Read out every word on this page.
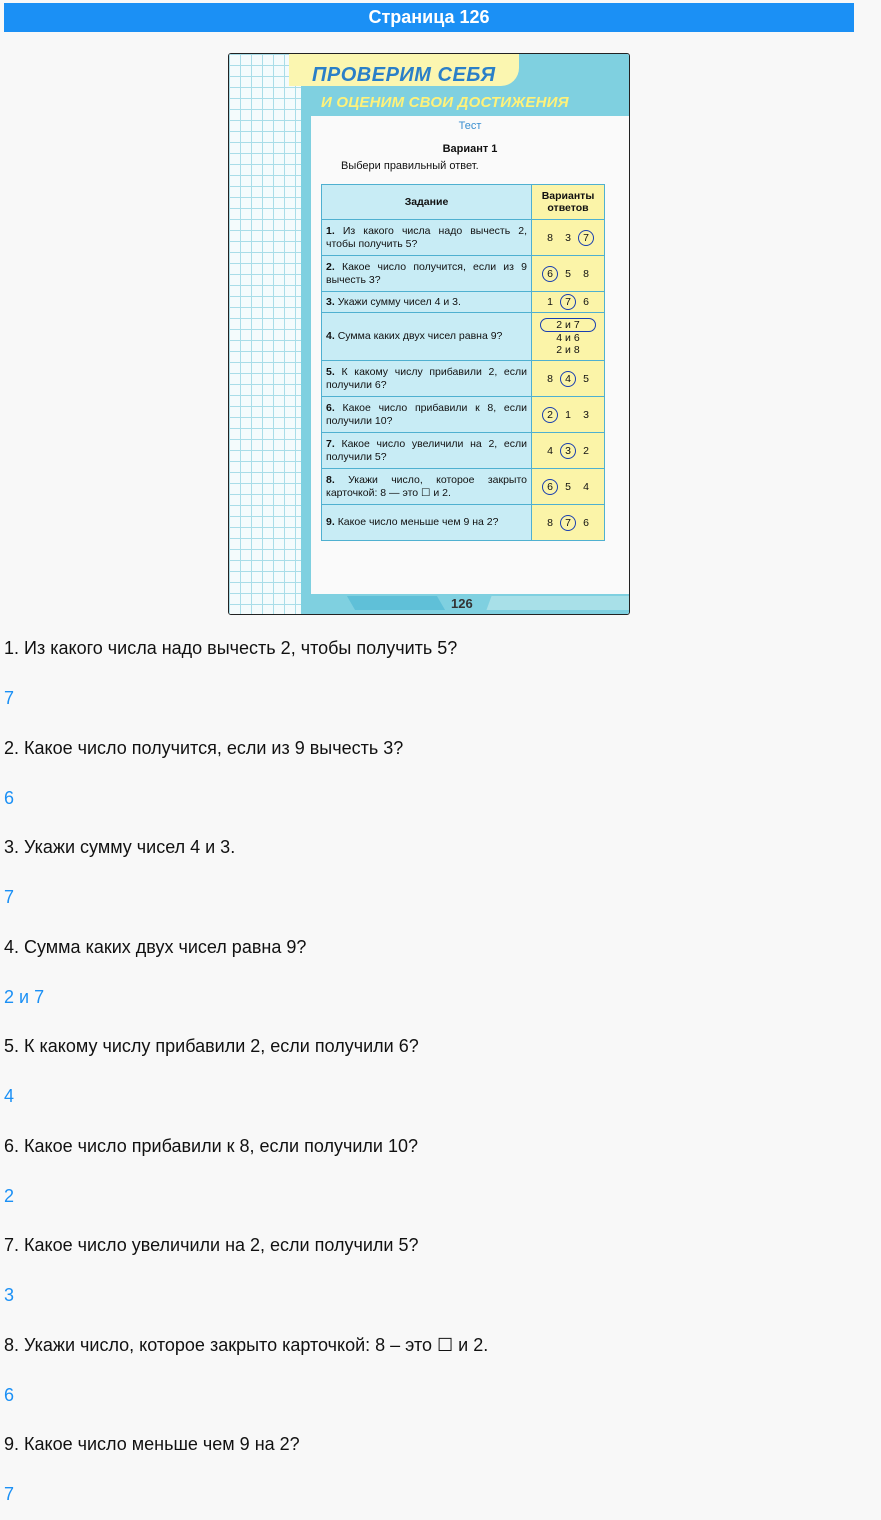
Страница 126
ПРОВЕРИМ СЕБЯ
И ОЦЕНИМ СВОИ ДОСТИЖЕНИЯ
Тест
Вариант 1
Выбери правильный ответ.
Задание	Варианты ответов
1. Из какого числа надо вычесть 2, чтобы получить 5?	8 3 7
2. Какое число получится, если из 9 вычесть 3?	6 5 8
3. Укажи сумму чисел 4 и 3.	1 7 6
4. Сумма каких двух чисел равна 9?	2 и 7
4 и 6
2 и 8

5. К какому числу прибавили 2, если получили 6?	8 4 5
6. Какое число прибавили к 8, если получили 10?	2 1 3
7. Какое число увеличили на 2, если получили 5?	4 3 2
8. Укажи число, которое закрыто карточкой: 8 — это ☐ и 2.	6 5 4
9. Какое число меньше чем 9 на 2?	8 7 6
126
1. Из какого числа надо вычесть 2, чтобы получить 5?
7
2. Какое число получится, если из 9 вычесть 3?
6
3. Укажи сумму чисел 4 и 3.
7
4. Сумма каких двух чисел равна 9?
2 и 7
5. К какому числу прибавили 2, если получили 6?
4
6. Какое число прибавили к 8, если получили 10?
2
7. Какое число увеличили на 2, если получили 5?
3
8. Укажи число, которое закрыто карточкой: 8 – это ☐ и 2.
6
9. Какое число меньше чем 9 на 2?
7
